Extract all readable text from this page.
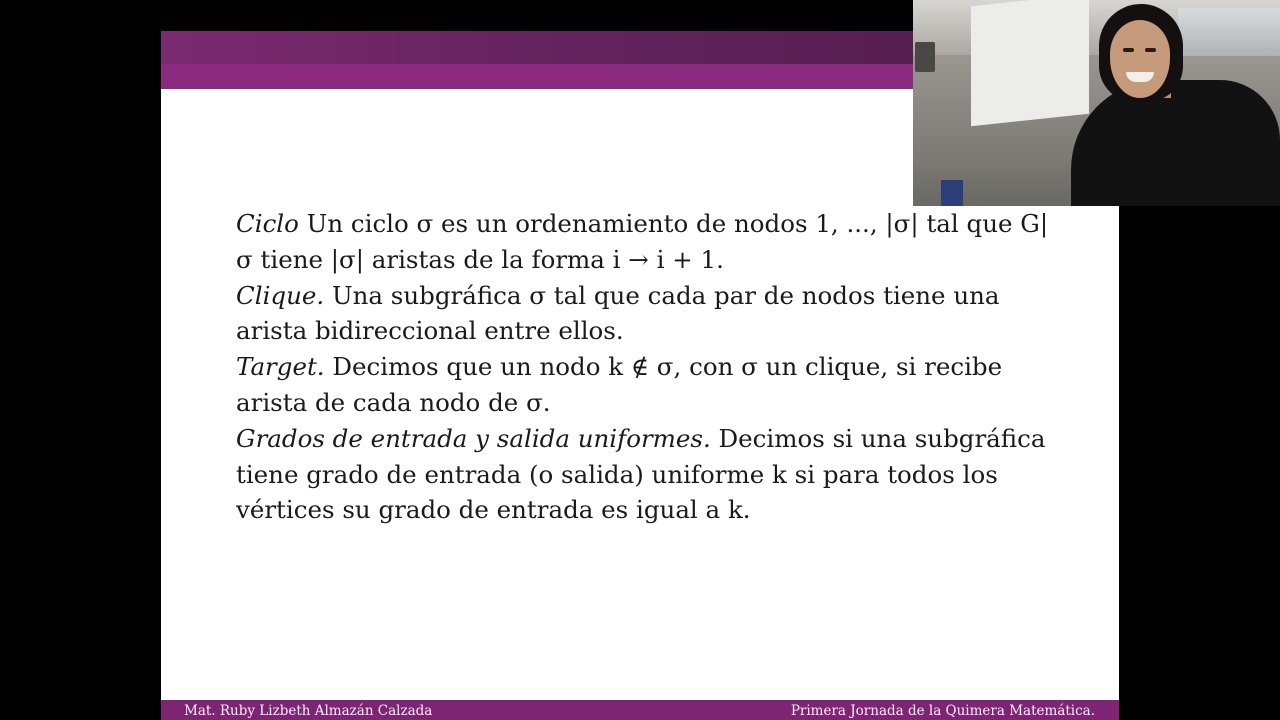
Ciclo Un ciclo σ es un ordenamiento de nodos 1, ..., |σ| tal que G|σ tiene |σ| aristas de la forma i → i + 1.

Clique. Una subgráfica σ tal que cada par de nodos tiene una arista bidireccional entre ellos.

Target. Decimos que un nodo k ∉ σ, con σ un clique, si recibe arista de cada nodo de σ.

Grados de entrada y salida uniformes. Decimos si una subgráfica tiene grado de entrada (o salida) uniforme k si para todos los vértices su grado de entrada es igual a k.

Mat. Ruby Lizbeth Almazán Calzada	Primera Jornada de la Quimera Matemática.
